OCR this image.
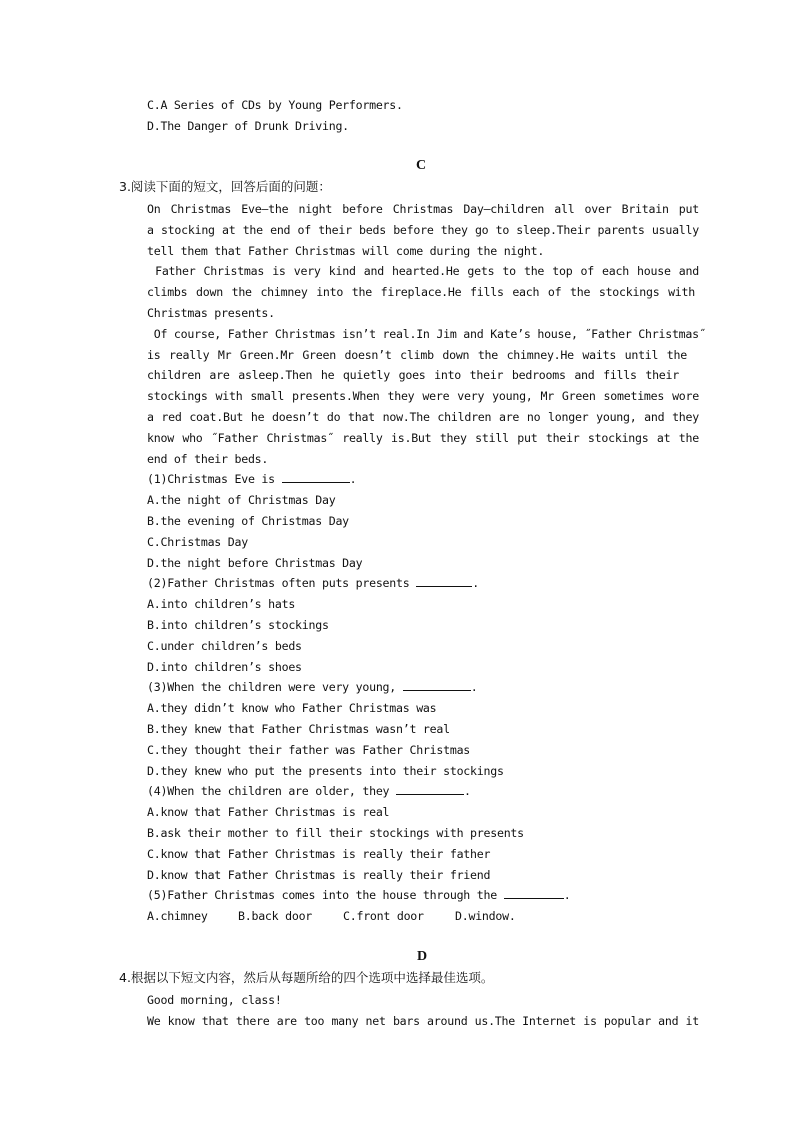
C.A Series of CDs by Young Performers.
D.The Danger of Drunk Driving.
C
3.阅读下面的短文，回答后面的问题：
On Christmas Eve—the night before Christmas Day—children all over Britain put
a stocking at the end of their beds before they go to sleep.Their parents usually
tell them that Father Christmas will come during the night.
Father Christmas is very kind and hearted.He gets to the top of each house and
climbs down the chimney into the fireplace.He fills each of the stockings with
Christmas presents.
Of course, Father Christmas isn’t real.In Jim and Kate’s house, ˝Father Christmas˝
is really Mr Green.Mr Green doesn’t climb down the chimney.He waits until the
children are asleep.Then he quietly goes into their bedrooms and fills their
stockings with small presents.When they were very young, Mr Green sometimes wore
a red coat.But he doesn’t do that now.The children are no longer young, and they
know who ˝Father Christmas˝ really is.But they still put their stockings at the
end of their beds.
(1)Christmas Eve is	.
A.the night of Christmas Day
B.the evening of Christmas Day
C.Christmas Day
D.the night before Christmas Day
(2)Father Christmas often puts presents	.
A.into children’s hats
B.into children’s stockings
C.under children’s beds
D.into children’s shoes
(3)When the children were very young,	.
A.they didn’t know who Father Christmas was
B.they knew that Father Christmas wasn’t real
C.they thought their father was Father Christmas
D.they knew who put the presents into their stockings
(4)When the children are older, they	.
A.know that Father Christmas is real
B.ask their mother to fill their stockings with presents
C.know that Father Christmas is really their father
D.know that Father Christmas is really their friend
(5)Father Christmas comes into the house through the	.
A.chimney	B.back door	C.front door	D.window.
D
4.根据以下短文内容，然后从每题所给的四个选项中选择最佳选项。
Good morning, class!
We know that there are too many net bars around us.The Internet is popular and it
